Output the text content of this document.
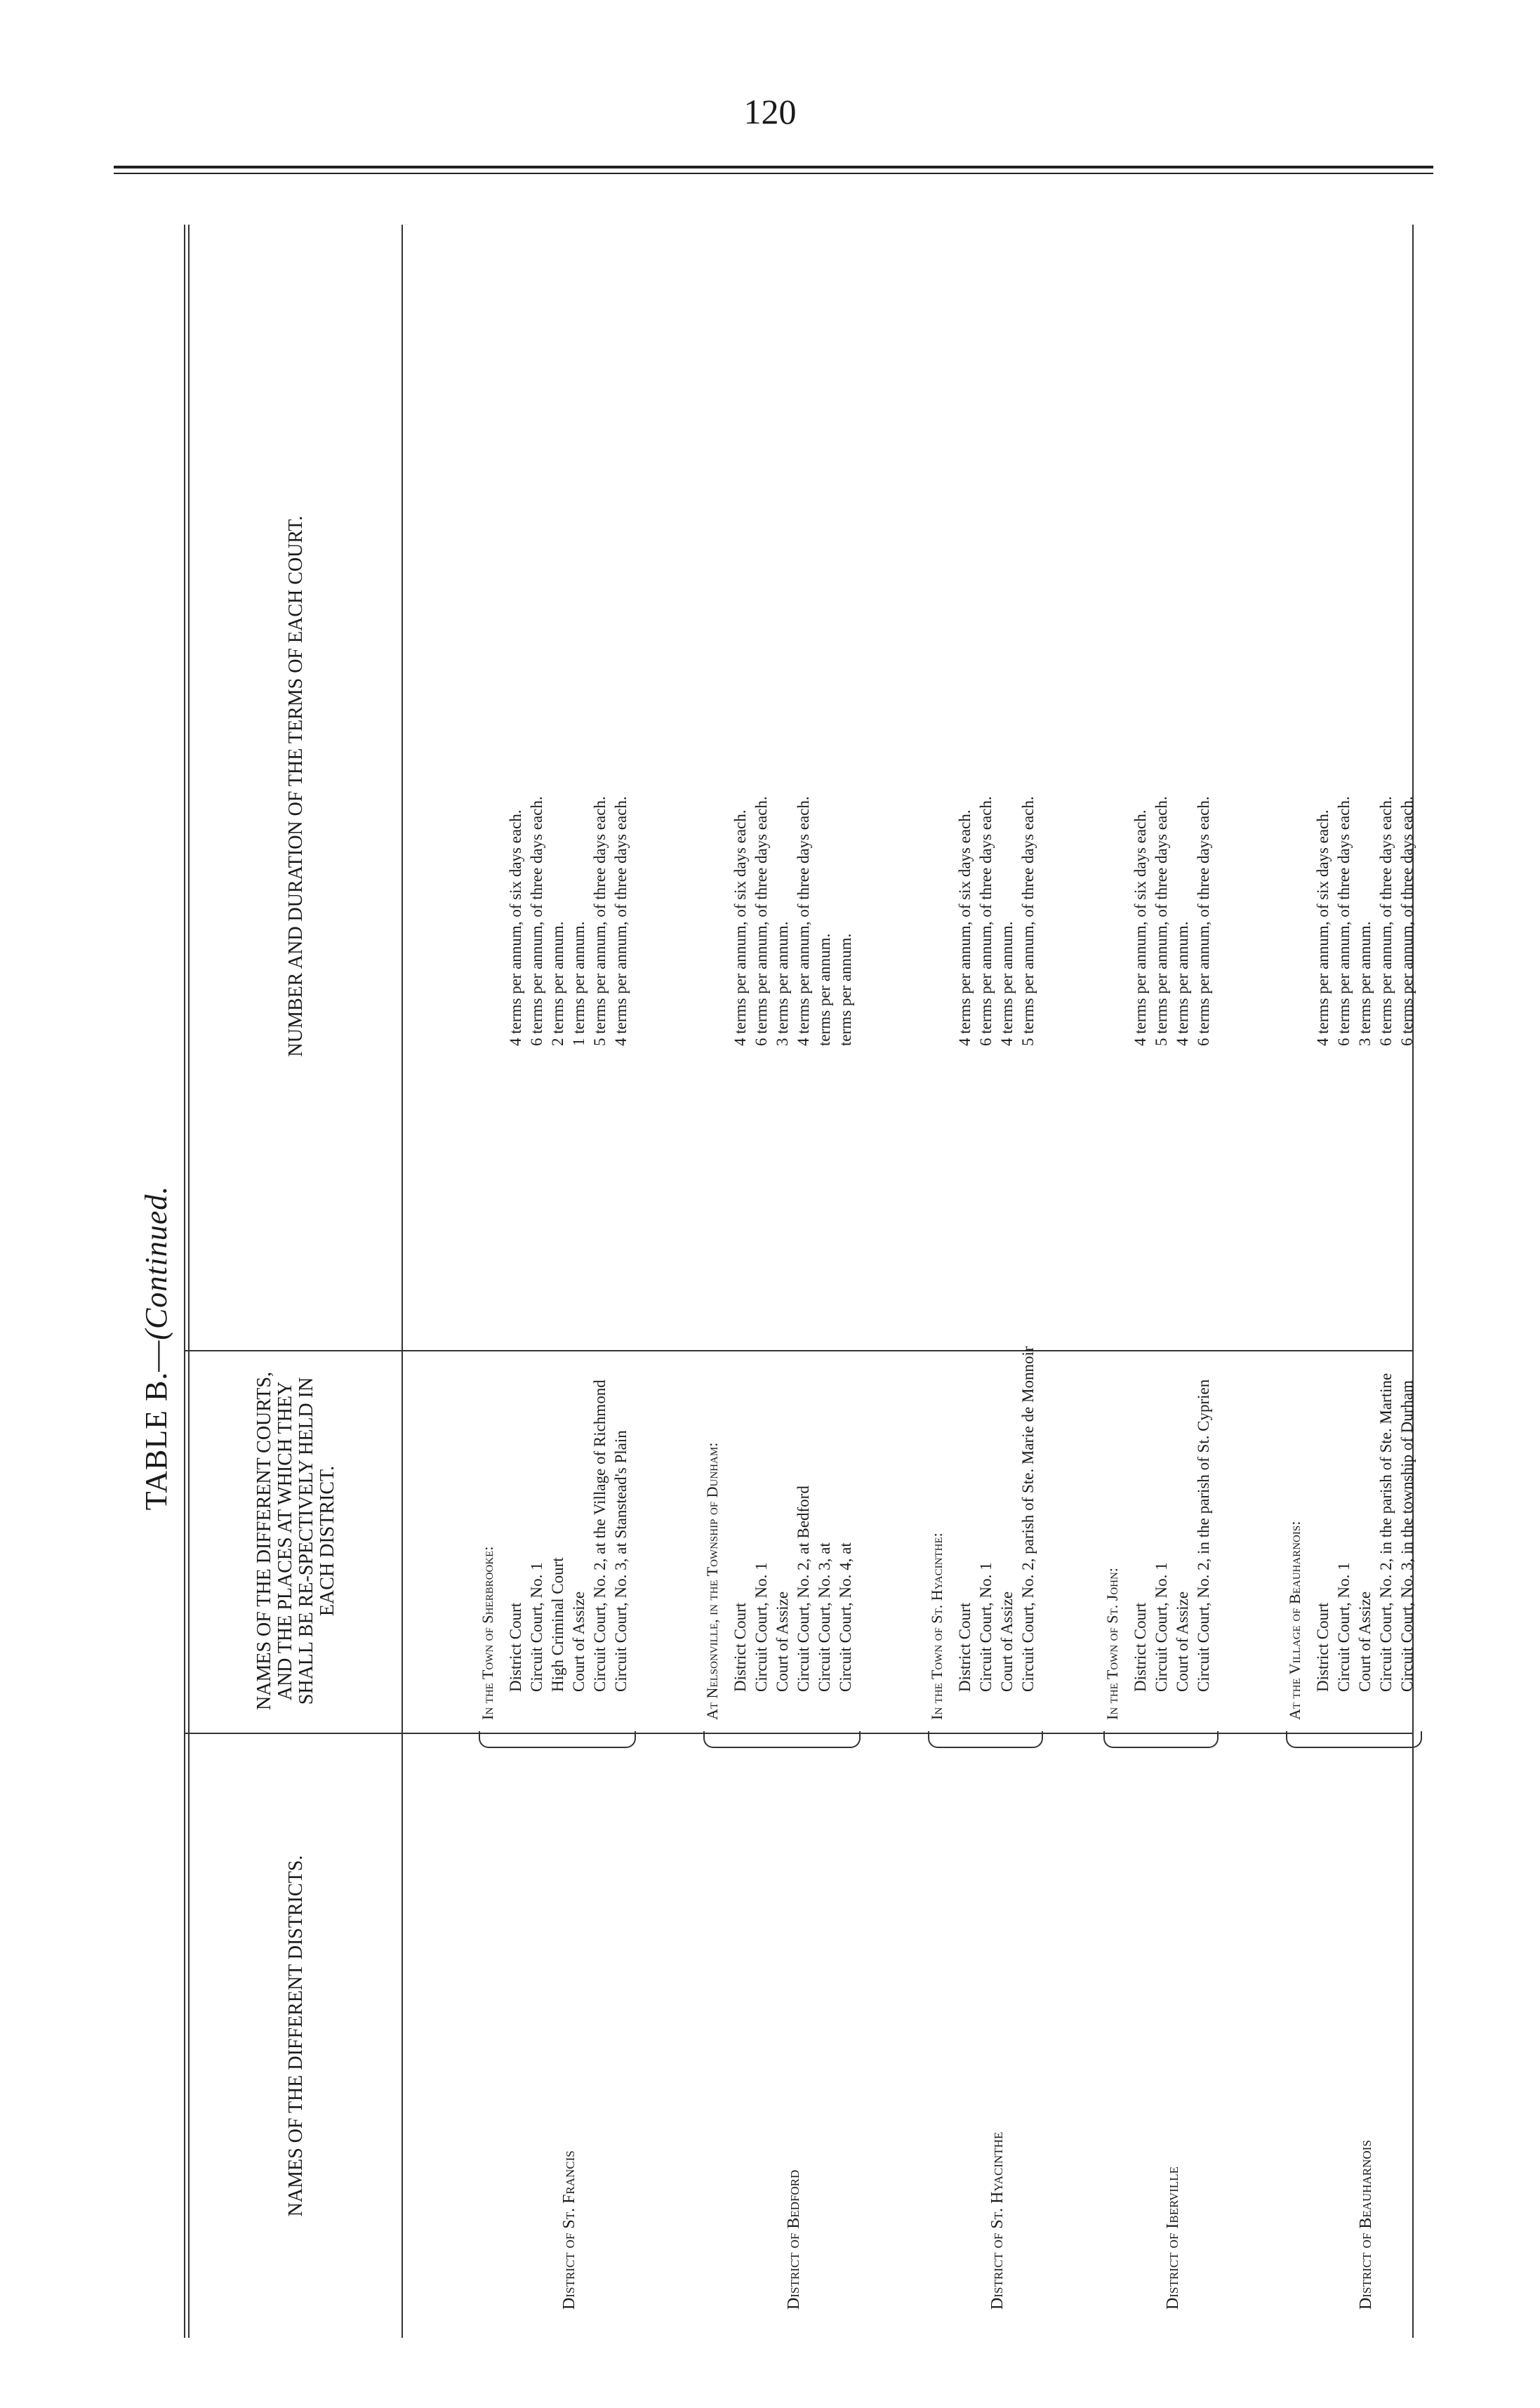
120
TABLE B.—(Continued.
NAMES OF THE DIFFERENT DISTRICTS.
NAMES OF THE DIFFERENT COURTS, AND THE PLACES AT WHICH THEY SHALL BE RE-SPECTIVELY HELD IN EACH DISTRICT.
NUMBER AND DURATION OF THE TERMS OF EACH COURT.
In the Town of Sherbrooke:
District of St. Francis
District Court
4 terms per annum, of six days each.
Circuit Court, No. 1
6 terms per annum, of three days each.
High Criminal Court
2 terms per annum.
Court of Assize
1 terms per annum.
Circuit Court, No. 2, at the Village of Richmond
5 terms per annum, of three days each.
Circuit Court, No. 3, at Stanstead's Plain
4 terms per annum, of three days each.
At Nelsonville, in the Township of Dunham:
District of Bedford
District Court
4 terms per annum, of six days each.
Circuit Court, No. 1
6 terms per annum, of three days each.
Court of Assize
3 terms per annum.
Circuit Court, No. 2, at Bedford
4 terms per annum, of three days each.
Circuit Court, No. 3, at
terms per annum.
Circuit Court, No. 4, at
terms per annum.
In the Town of St. Hyacinthe:
District of St. Hyacinthe
District Court
4 terms per annum, of six days each.
Circuit Court, No. 1
6 terms per annum, of three days each.
Court of Assize
4 terms per annum.
Circuit Court, No. 2, parish of Ste. Marie de Monnoir
5 terms per annum, of three days each.
In the Town of St. John:
District of Iberville
District Court
4 terms per annum, of six days each.
Circuit Court, No. 1
5 terms per annum, of three days each.
Court of Assize
4 terms per annum.
Circuit Court, No. 2, in the parish of St. Cyprien
6 terms per annum, of three days each.
At the Village of Beauharnois:
District of Beauharnois
District Court
4 terms per annum, of six days each.
Circuit Court, No. 1
6 terms per annum, of three days each.
Court of Assize
3 terms per annum.
Circuit Court, No. 2, in the parish of Ste. Martine
6 terms per annum, of three days each.
Circuit Court, No. 3, in the township of Durham
6 terms per annum, of three days each.
